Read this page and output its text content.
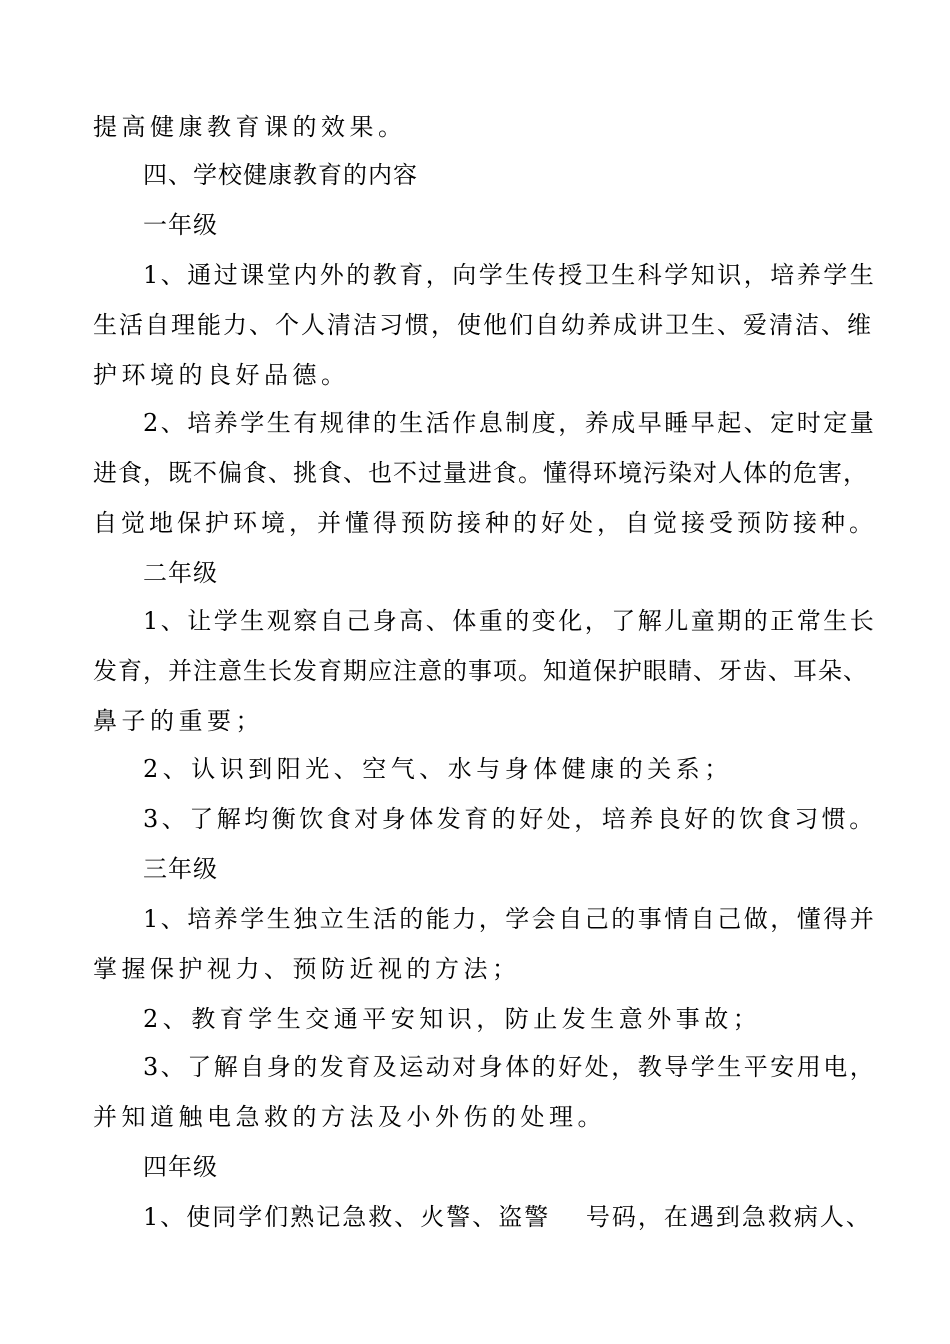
提高健康教育课的效果。
四、学校健康教育的内容
一年级
1、通过课堂内外的教育，向学生传授卫生科学知识，培养学生
生活自理能力、个人清洁习惯，使他们自幼养成讲卫生、爱清洁、维
护环境的良好品德。
2、培养学生有规律的生活作息制度，养成早睡早起、定时定量
进食，既不偏食、挑食、也不过量进食。懂得环境污染对人体的危害，
自觉地保护环境，并懂得预防接种的好处，自觉接受预防接种。
二年级
1、让学生观察自己身高、体重的变化，了解儿童期的正常生长
发育，并注意生长发育期应注意的事项。知道保护眼睛、牙齿、耳朵、
鼻子的重要；
2、认识到阳光、空气、水与身体健康的关系；
3、了解均衡饮食对身体发育的好处，培养良好的饮食习惯。
三年级
1、培养学生独立生活的能力，学会自己的事情自己做，懂得并
掌握保护视力、预防近视的方法；
2、教育学生交通平安知识，防止发生意外事故；
3、了解自身的发育及运动对身体的好处，教导学生平安用电，
并知道触电急救的方法及小外伤的处理。
四年级
1、使同学们熟记急救、火警、盗警　 号码，在遇到急救病人、
